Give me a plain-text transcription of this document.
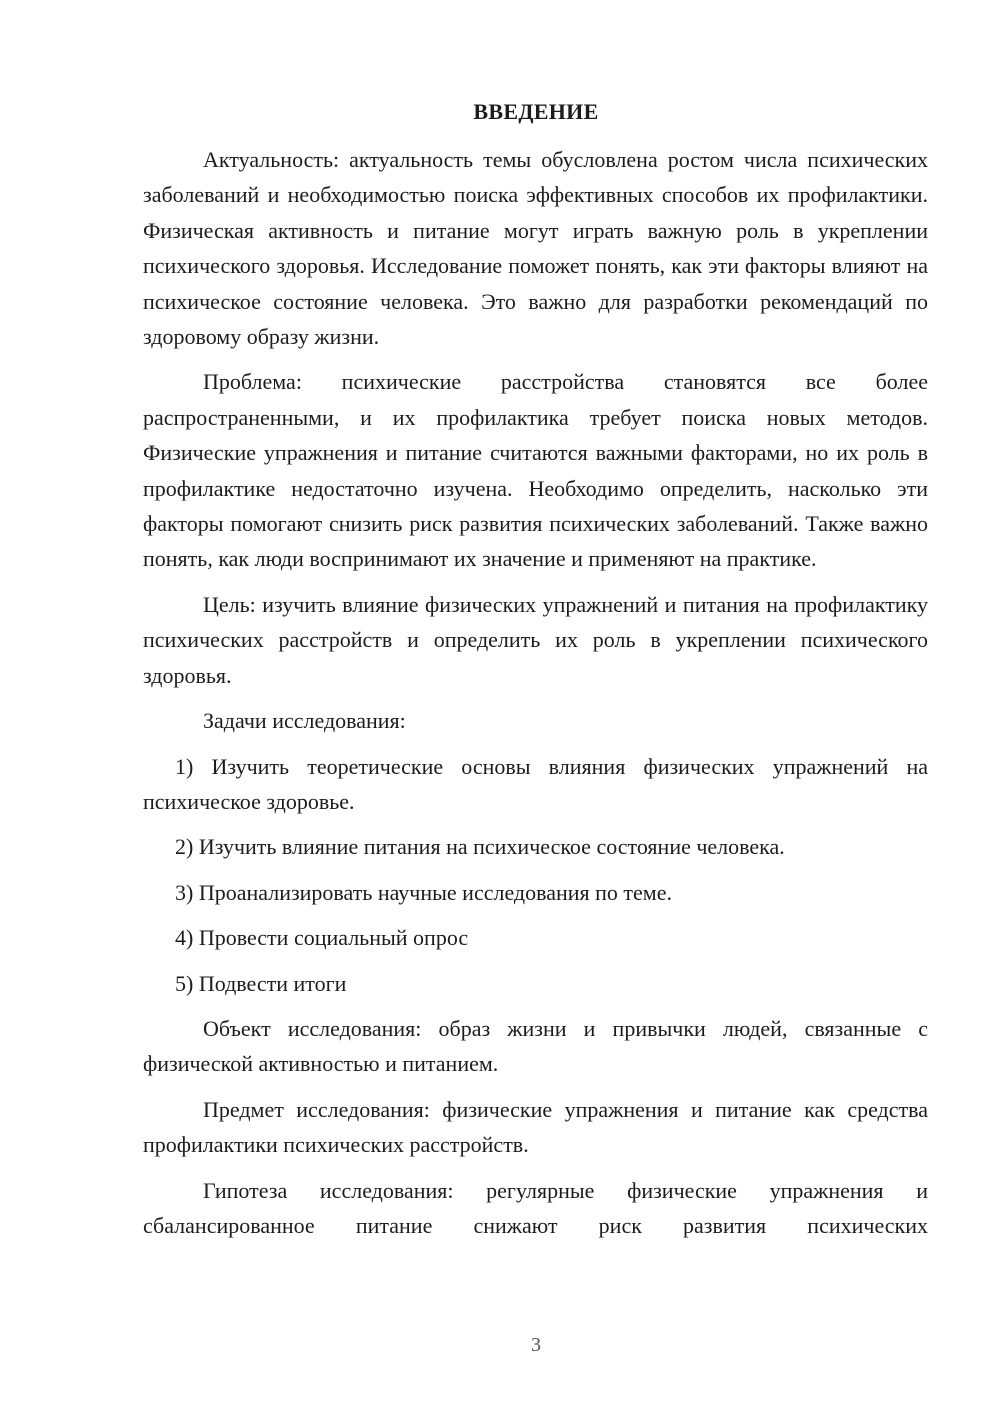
ВВЕДЕНИЕ

Актуальность: актуальность темы обусловлена ростом числа психических заболеваний и необходимостью поиска эффективных способов их профилактики. Физическая активность и питание могут играть важную роль в укреплении психического здоровья. Исследование поможет понять, как эти факторы влияют на психическое состояние человека. Это важно для разработки рекомендаций по здоровому образу жизни.

Проблема: психические расстройства становятся все более распространенными, и их профилактика требует поиска новых методов. Физические упражнения и питание считаются важными факторами, но их роль в профилактике недостаточно изучена. Необходимо определить, насколько эти факторы помогают снизить риск развития психических заболеваний. Также важно понять, как люди воспринимают их значение и применяют на практике.

Цель: изучить влияние физических упражнений и питания на профилактику психических расстройств и определить их роль в укреплении психического здоровья.

Задачи исследования:

1) Изучить теоретические основы влияния физических упражнений на психическое здоровье.

2) Изучить влияние питания на психическое состояние человека.

3) Проанализировать научные исследования по теме.

4) Провести социальный опрос

5) Подвести итоги

Объект исследования: образ жизни и привычки людей, связанные с физической активностью и питанием.

Предмет исследования: физические упражнения и питание как средства профилактики психических расстройств.

Гипотеза исследования: регулярные физические упражнения и сбалансированное питание снижают риск развития психических

3
